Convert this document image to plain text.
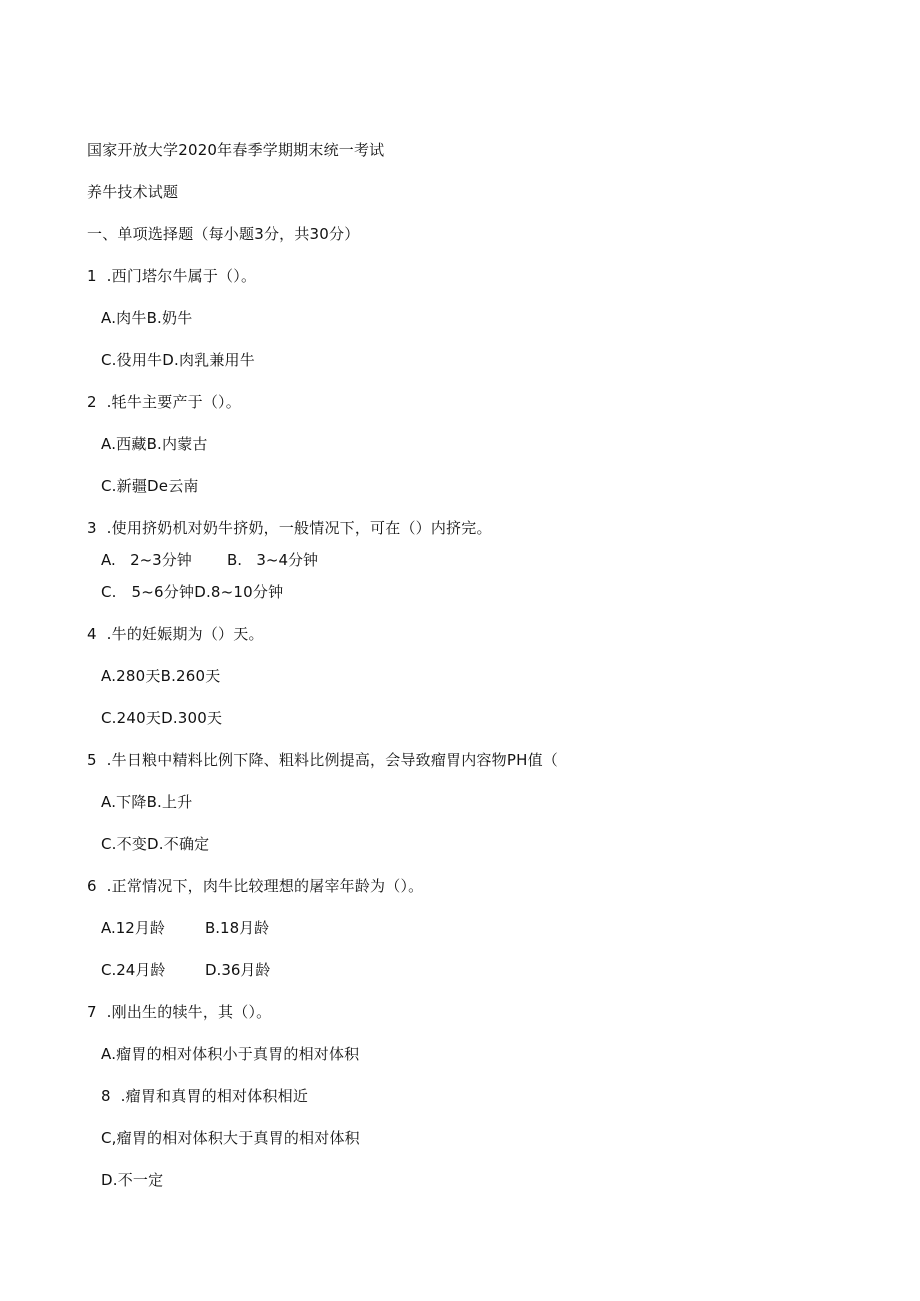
国家开放大学2020年春季学期期末统一考试
养牛技术试题
一、单项选择题（每小题3分，共30分）
1  .西门塔尔牛属于（）。
A.肉牛B.奶牛
C.役用牛D.肉乳兼用牛
2  .牦牛主要产于（）。
A.西藏B.内蒙古
C.新疆De云南
3  .使用挤奶机对奶牛挤奶，一般情况下，可在（）内挤完。
A.   2~3分钟 B.   3~4分钟
C.   5~6分钟D.8~10分钟
4  .牛的妊娠期为（）天。
A.280天B.260天
C.240天D.300天
5  .牛日粮中精料比例下降、粗料比例提高，会导致瘤胃内容物PH值（
A.下降B.上升
C.不变D.不确定
6  .正常情况下，肉牛比较理想的屠宰年龄为（）。
A.12月龄	B.18月龄
C.24月龄	D.36月龄
7  .刚出生的犊牛，其（）。
A.瘤胃的相对体积小于真胃的相对体积
8  .瘤胃和真胃的相对体积相近
C,瘤胃的相对体积大于真胃的相对体积
D.不一定
